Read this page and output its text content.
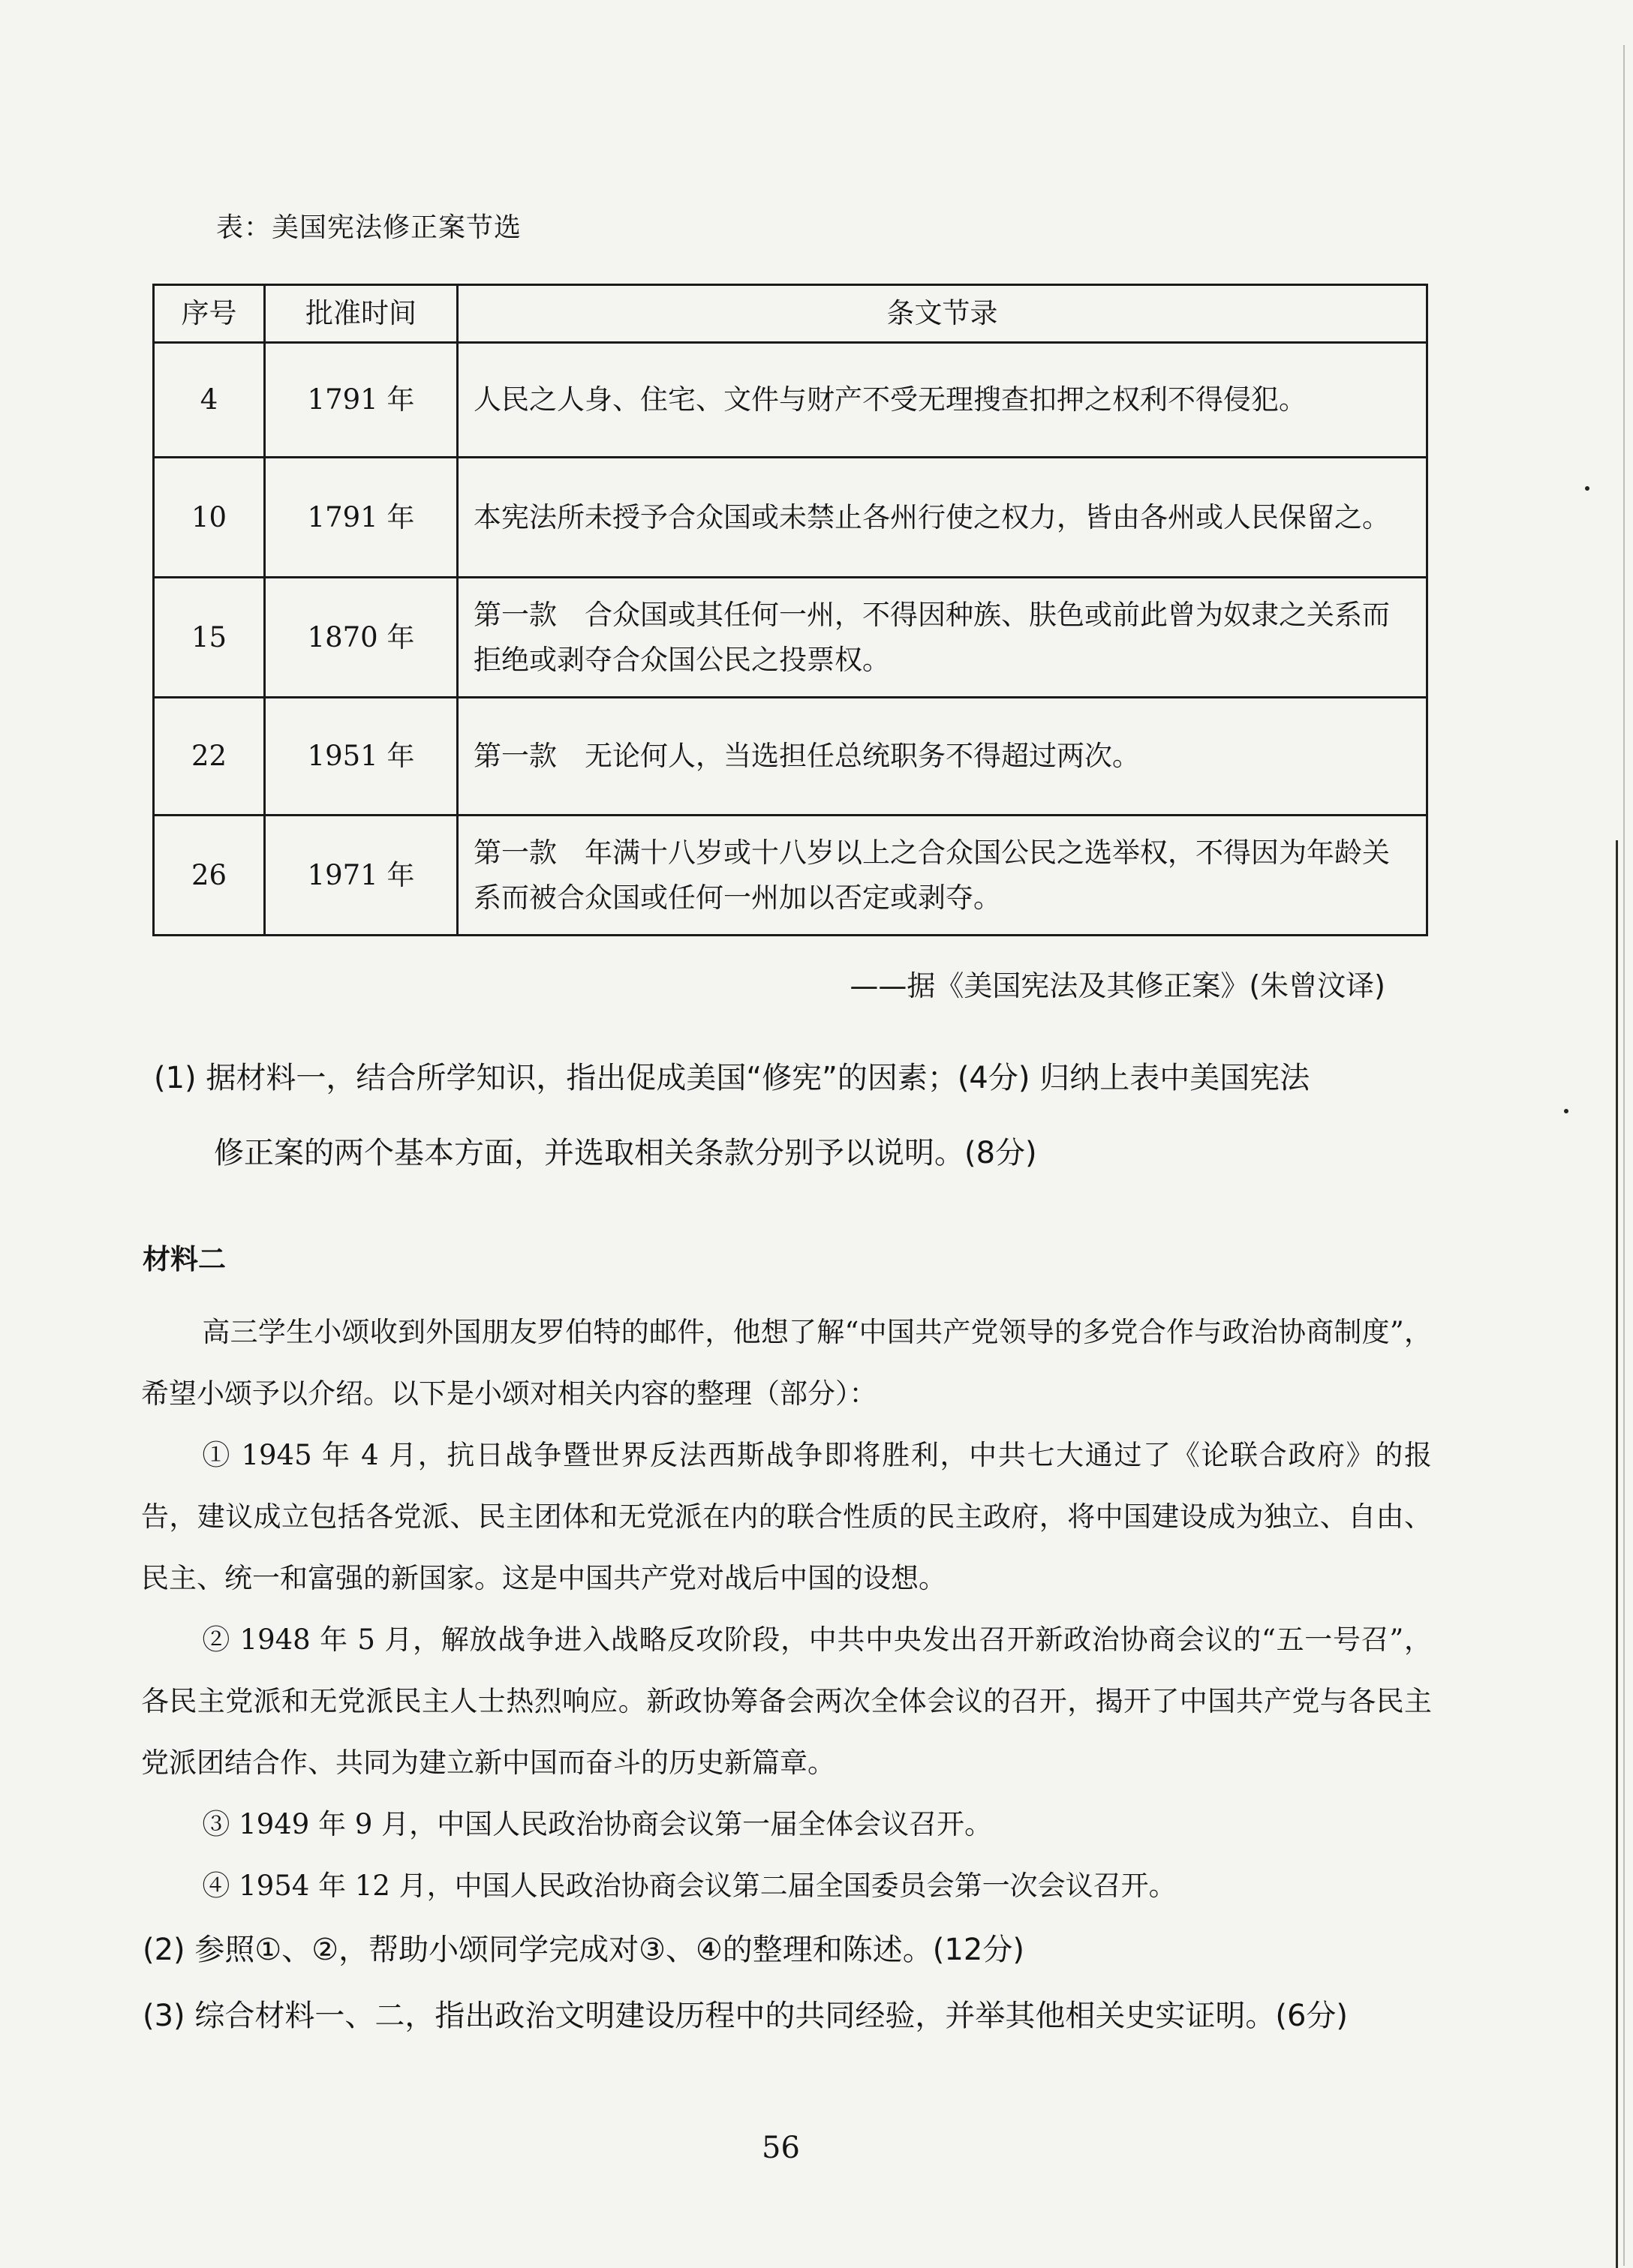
表：美国宪法修正案节选
序号	批准时间	条文节录
4	1791 年	人民之人身、住宅、文件与财产不受无理搜查扣押之权利不得侵犯。
10	1791 年	本宪法所未授予合众国或未禁止各州行使之权力，皆由各州或人民保留之。
15	1870 年	第一款　合众国或其任何一州，不得因种族、肤色或前此曾为奴隶之关系而拒绝或剥夺合众国公民之投票权。
22	1951 年	第一款　无论何人，当选担任总统职务不得超过两次。
26	1971 年	第一款　年满十八岁或十八岁以上之合众国公民之选举权，不得因为年龄关系而被合众国或任何一州加以否定或剥夺。
——据《美国宪法及其修正案》(朱曾汶译)
(1) 据材料一，结合所学知识，指出促成美国“修宪”的因素；(4分) 归纳上表中美国宪法
修正案的两个基本方面，并选取相关条款分别予以说明。(8分)
材料二

高三学生小颂收到外国朋友罗伯特的邮件，他想了解“中国共产党领导的多党合作与政治协商制度”，希望小颂予以介绍。以下是小颂对相关内容的整理（部分）：

① 1945 年 4 月，抗日战争暨世界反法西斯战争即将胜利，中共七大通过了《论联合政府》的报告，建议成立包括各党派、民主团体和无党派在内的联合性质的民主政府，将中国建设成为独立、自由、民主、统一和富强的新国家。这是中国共产党对战后中国的设想。

② 1948 年 5 月，解放战争进入战略反攻阶段，中共中央发出召开新政治协商会议的“五一号召”，各民主党派和无党派民主人士热烈响应。新政协筹备会两次全体会议的召开，揭开了中国共产党与各民主党派团结合作、共同为建立新中国而奋斗的历史新篇章。

③ 1949 年 9 月，中国人民政治协商会议第一届全体会议召开。

④ 1954 年 12 月，中国人民政治协商会议第二届全国委员会第一次会议召开。

(2) 参照①、②，帮助小颂同学完成对③、④的整理和陈述。(12分)
(3) 综合材料一、二，指出政治文明建设历程中的共同经验，并举其他相关史实证明。(6分)
56
